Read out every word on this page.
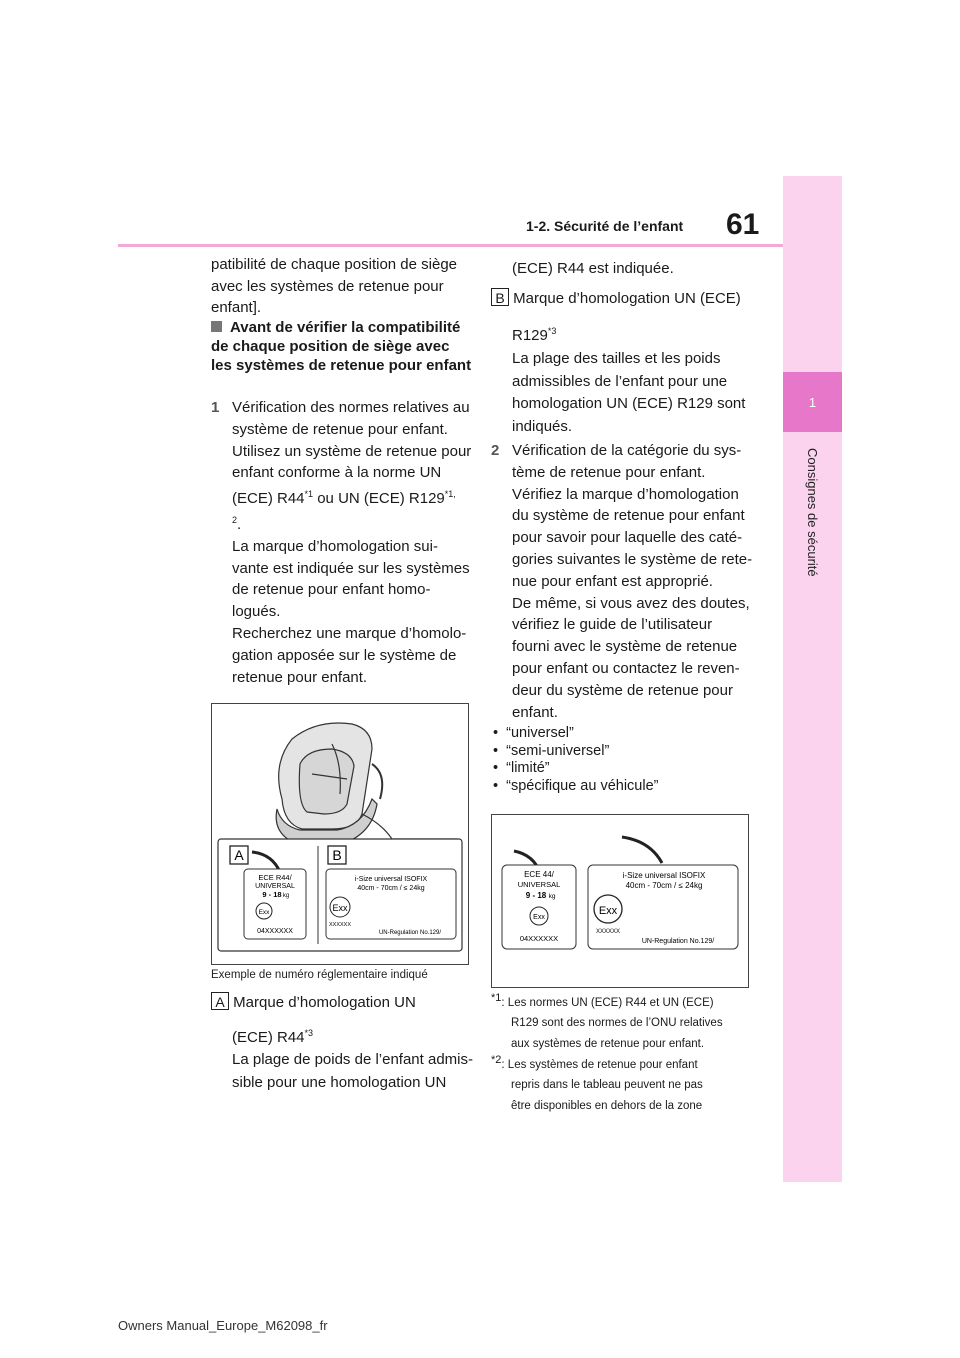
61
1-2. Sécurité de l’enfant
1
Consignes de sécurité
patibilité de chaque position de siège avec les systèmes de retenue pour enfant].
Avant de vérifier la compatibilité de chaque position de siège avec les systèmes de retenue pour enfant
1 Vérification des normes relatives au
système de retenue pour enfant.
Utilisez un système de retenue pour
enfant conforme à la norme UN
(ECE) R44$^{*1}$ ou UN (ECE) $R129^{*1,}$
$^2$.
La marque d’homologation sui-
vante est indiquée sur les systèmes
de retenue pour enfant homo-
logués.
Recherchez une marque d’homolo-
gation apposée sur le système de
retenue pour enfant.
A	B
ECE R44/
UNIVERSAL
9 - 18 kg
Exx
04XXXXXX
i-Size universal ISOFIX
40cm - 70cm / ≤ 24kg
Exx
XXXXXX
UN-Regulation No.129/
Exemple de numéro réglementaire indiqué
A Marque d’homologation UN
(ECE) R44$^{*3}$
La plage de poids de l’enfant admis-
sible pour une homologation UN
(ECE) R44 est indiquée.
B Marque d’homologation UN (ECE)
R129$^{*3}$
La plage des tailles et les poids
admissibles de l’enfant pour une
homologation UN (ECE) R129 sont
indiqués.
2 Vérification de la catégorie du sys-
tème de retenue pour enfant.
Vérifiez la marque d’homologation
du système de retenue pour enfant
pour savoir pour laquelle des caté-
gories suivantes le système de rete-
nue pour enfant est approprié.
De même, si vous avez des doutes,
vérifiez le guide de l’utilisateur
fourni avec le système de retenue
pour enfant ou contactez le reven-
deur du système de retenue pour
enfant.
•  “universel”
•  “semi-universel”
•  “limité”
•  “spécifique au véhicule”
ECE 44/
UNIVERSAL
9 - 18 kg
Exx
04XXXXXX
i-Size universal ISOFIX
40cm - 70cm / ≤ 24kg
Exx
XXXXXX
UN-Regulation No.129/
*1: Les normes UN (ECE) R44 et UN (ECE)
R129 sont des normes de l’ONU relatives
aux systèmes de retenue pour enfant.
*2: Les systèmes de retenue pour enfant
repris dans le tableau peuvent ne pas
être disponibles en dehors de la zone
Owners Manual_Europe_M62098_fr
